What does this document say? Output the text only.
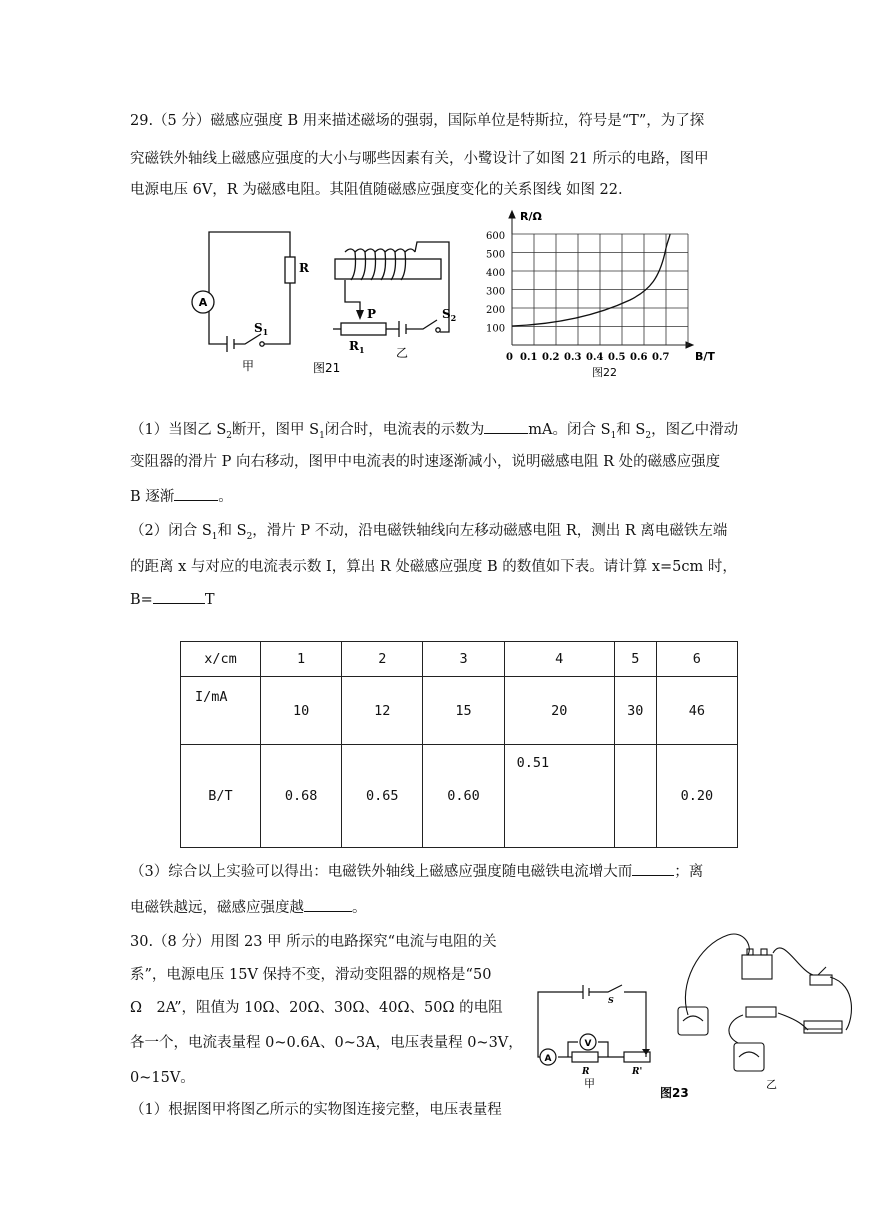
29.（5 分）磁感应强度 B 用来描述磁场的强弱，国际单位是特斯拉，符号是“T”，为了探
究磁铁外轴线上磁感应强度的大小与哪些因素有关，小鹭设计了如图 21 所示的电路，图甲
电源电压 6V，R 为磁感电阻。其阻值随磁感应强度变化的关系图线 如图 22.
A
R
$S_1$
P
$R_1$
$S_2$
甲	图21
乙
R/Ω
B/T
600
500
400
300
200
100
0 0.1 0.2 0.3 0.4 0.5 0.6 0.7
图22
（1）当图乙 $S_2$断开，图甲 $S_1$闭合时，电流表的示数为	mA。闭合 $S_1$和 $S_2$，图乙中滑动
变阻器的滑片 P 向右移动，图甲中电流表的时速逐渐减小，说明磁感电阻 R 处的磁感应强度
B 逐渐	。
（2）闭合 $S_1$和 $S_2$，滑片 P 不动，沿电磁铁轴线向左移动磁感电阻 R，测出 R 离电磁铁左端
的距离 x 与对应的电流表示数 I，算出 R 处磁感应强度 B 的数值如下表。请计算 x=5cm 时，
B=	T
x/cm	1	2	3	4	5	6
I/mA	10	12	15	20	30	46
B/T	0.68	0.65	0.60	0.51		0.20
（3）综合以上实验可以得出：电磁铁外轴线上磁感应强度随电磁铁电流增大而	；离
电磁铁越远，磁感应强度越	。
30.（8 分）用图 23 甲 所示的电路探究“电流与电阻的关
系”，电源电压 15V 保持不变，滑动变阻器的规格是“50
Ω　2A”，阻值为 10Ω、20Ω、30Ω、40Ω、50Ω 的电阻
各一个，电流表量程 0~0.6A、0~3A，电压表量程 0~3V，
0~15V。
（1）根据图甲将图乙所示的实物图连接完整，电压表量程
A
V
S
R	R'
甲
图23
乙
